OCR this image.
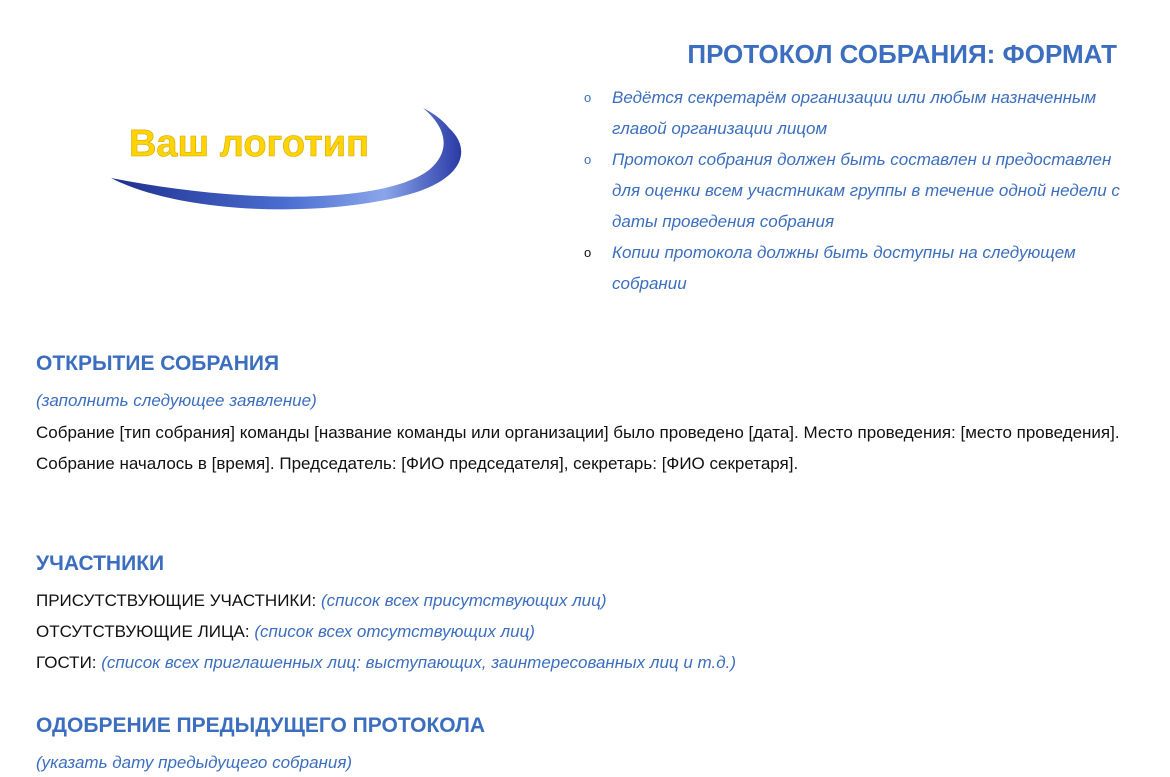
Ваш логотип
ПРОТОКОЛ СОБРАНИЯ: ФОРМАТ
o Ведётся секретарём организации или любым назначенным главой организации лицом
o Протокол собрания должен быть составлен и предоставлен для оценки всем участникам группы в течение одной недели с даты проведения собрания
o Копии протокола должны быть доступны на следующем собрании
ОТКРЫТИЕ СОБРАНИЯ

(заполнить следующее заявление)

Собрание [тип собрания] команды [название команды или организации] было проведено [дата]. Место проведения: [место проведения]. Собрание началось в [время]. Председатель: [ФИО председателя], секретарь: [ФИО секретаря].

УЧАСТНИКИ

ПРИСУТСТВУЮЩИЕ УЧАСТНИКИ: (список всех присутствующих лиц)

ОТСУТСТВУЮЩИЕ ЛИЦА: (список всех отсутствующих лиц)

ГОСТИ: (список всех приглашенных лиц: выступающих, заинтересованных лиц и т.д.)

ОДОБРЕНИЕ ПРЕДЫДУЩЕГО ПРОТОКОЛА

(указать дату предыдущего собрания)
